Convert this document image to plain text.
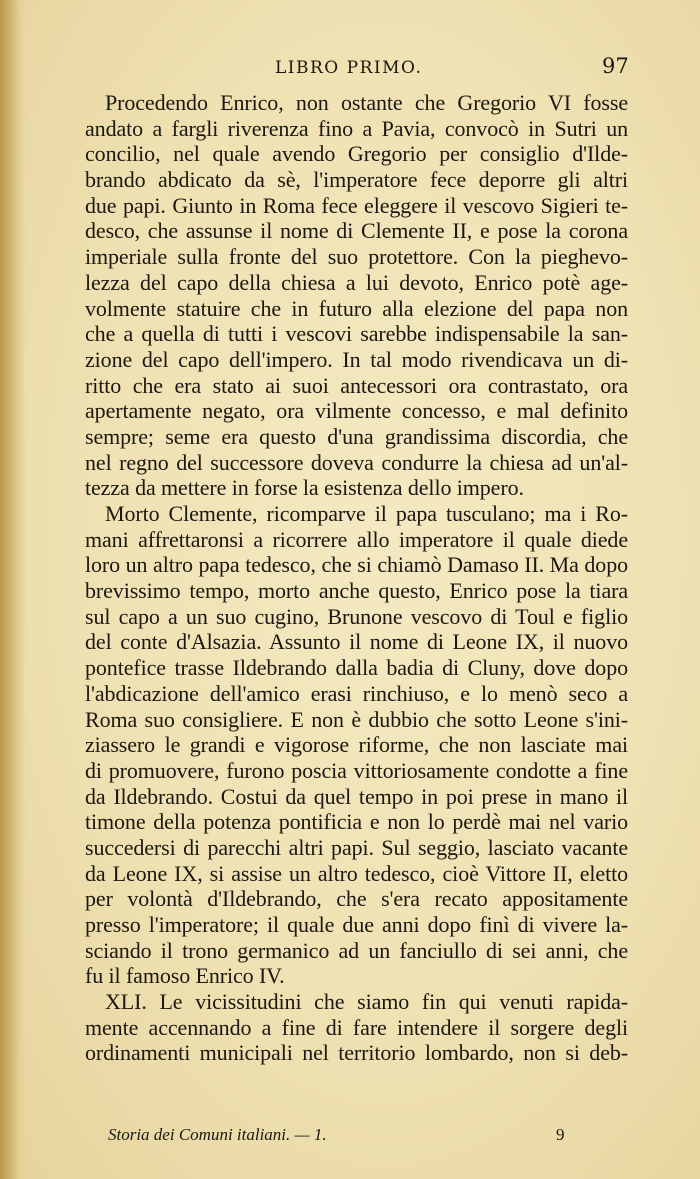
LIBRO PRIMO.	97
Procedendo Enrico, non ostante che Gregorio VI fosse
andato a fargli riverenza fino a Pavia, convocò in Sutri un
concilio, nel quale avendo Gregorio per consiglio d'Ilde-
brando abdicato da sè, l'imperatore fece deporre gli altri
due papi. Giunto in Roma fece eleggere il vescovo Sigieri te-
desco, che assunse il nome di Clemente II, e pose la corona
imperiale sulla fronte del suo protettore. Con la pieghevo-
lezza del capo della chiesa a lui devoto, Enrico potè age-
volmente statuire che in futuro alla elezione del papa non
che a quella di tutti i vescovi sarebbe indispensabile la san-
zione del capo dell'impero. In tal modo rivendicava un di-
ritto che era stato ai suoi antecessori ora contrastato, ora
apertamente negato, ora vilmente concesso, e mal definito
sempre; seme era questo d'una grandissima discordia, che
nel regno del successore doveva condurre la chiesa ad un'al-
tezza da mettere in forse la esistenza dello impero.
Morto Clemente, ricomparve il papa tusculano; ma i Ro-
mani affrettaronsi a ricorrere allo imperatore il quale diede
loro un altro papa tedesco, che si chiamò Damaso II. Ma dopo
brevissimo tempo, morto anche questo, Enrico pose la tiara
sul capo a un suo cugino, Brunone vescovo di Toul e figlio
del conte d'Alsazia. Assunto il nome di Leone IX, il nuovo
pontefice trasse Ildebrando dalla badia di Cluny, dove dopo
l'abdicazione dell'amico erasi rinchiuso, e lo menò seco a
Roma suo consigliere. E non è dubbio che sotto Leone s'ini-
ziassero le grandi e vigorose riforme, che non lasciate mai
di promuovere, furono poscia vittoriosamente condotte a fine
da Ildebrando. Costui da quel tempo in poi prese in mano il
timone della potenza pontificia e non lo perdè mai nel vario
succedersi di parecchi altri papi. Sul seggio, lasciato vacante
da Leone IX, si assise un altro tedesco, cioè Vittore II, eletto
per volontà d'Ildebrando, che s'era recato appositamente
presso l'imperatore; il quale due anni dopo finì di vivere la-
sciando il trono germanico ad un fanciullo di sei anni, che
fu il famoso Enrico IV.
XLI. Le vicissitudini che siamo fin qui venuti rapida-
mente accennando a fine di fare intendere il sorgere degli
ordinamenti municipali nel territorio lombardo, non si deb-
Storia dei Comuni italiani. — 1.	9
